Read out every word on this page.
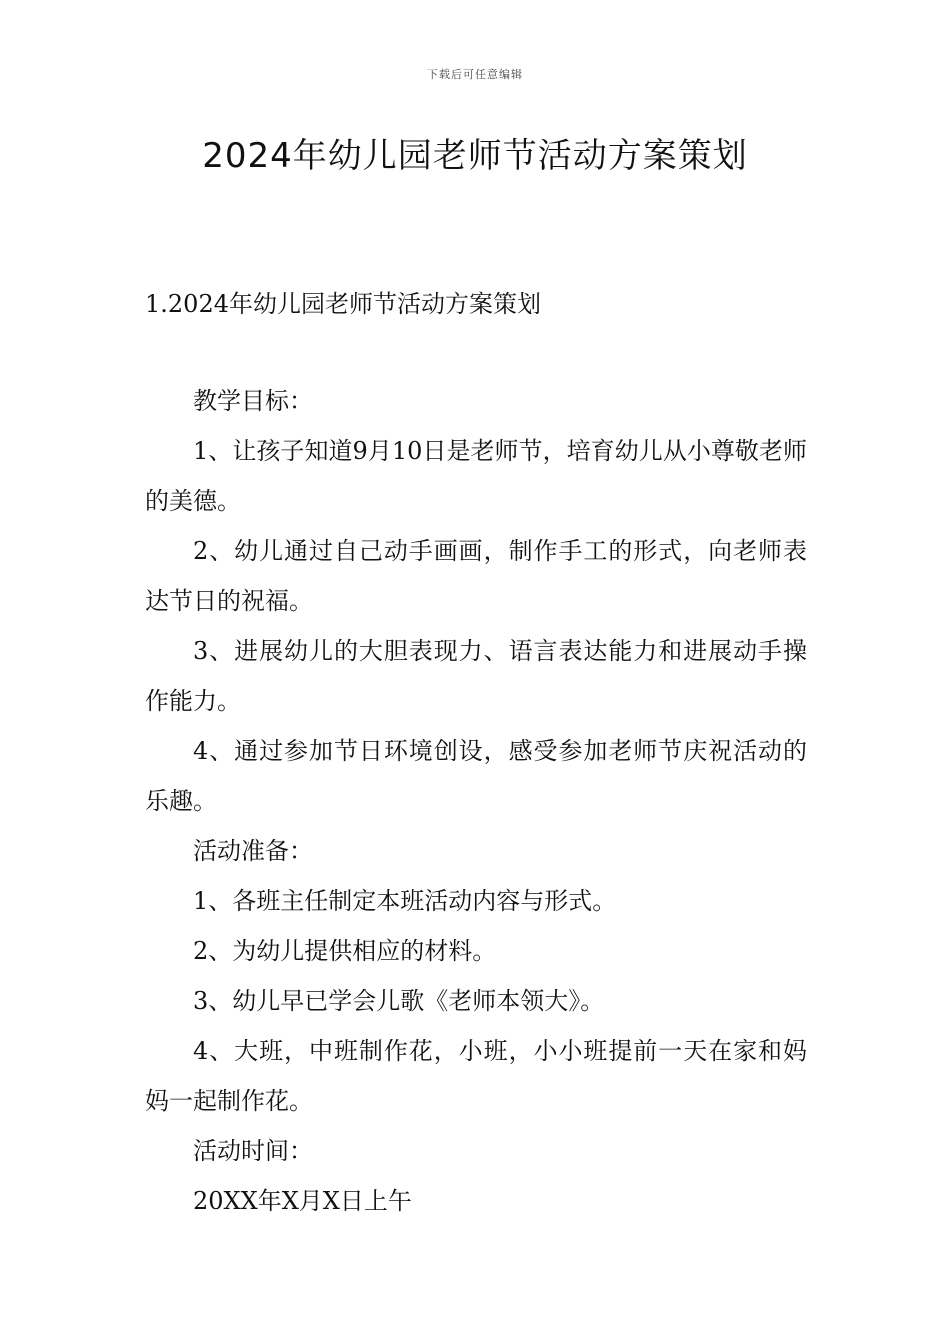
下载后可任意编辑
2024年幼儿园老师节活动方案策划
1.2024年幼儿园老师节活动方案策划

教学目标：

1、让孩子知道9月10日是老师节，培育幼儿从小尊敬老师的美德。

2、幼儿通过自己动手画画，制作手工的形式，向老师表达节日的祝福。

3、进展幼儿的大胆表现力、语言表达能力和进展动手操作能力。

4、通过参加节日环境创设，感受参加老师节庆祝活动的乐趣。

活动准备：

1、各班主任制定本班活动内容与形式。

2、为幼儿提供相应的材料。

3、幼儿早已学会儿歌《老师本领大》。

4、大班，中班制作花，小班，小小班提前一天在家和妈妈一起制作花。

活动时间：

20XX年X月X日上午
